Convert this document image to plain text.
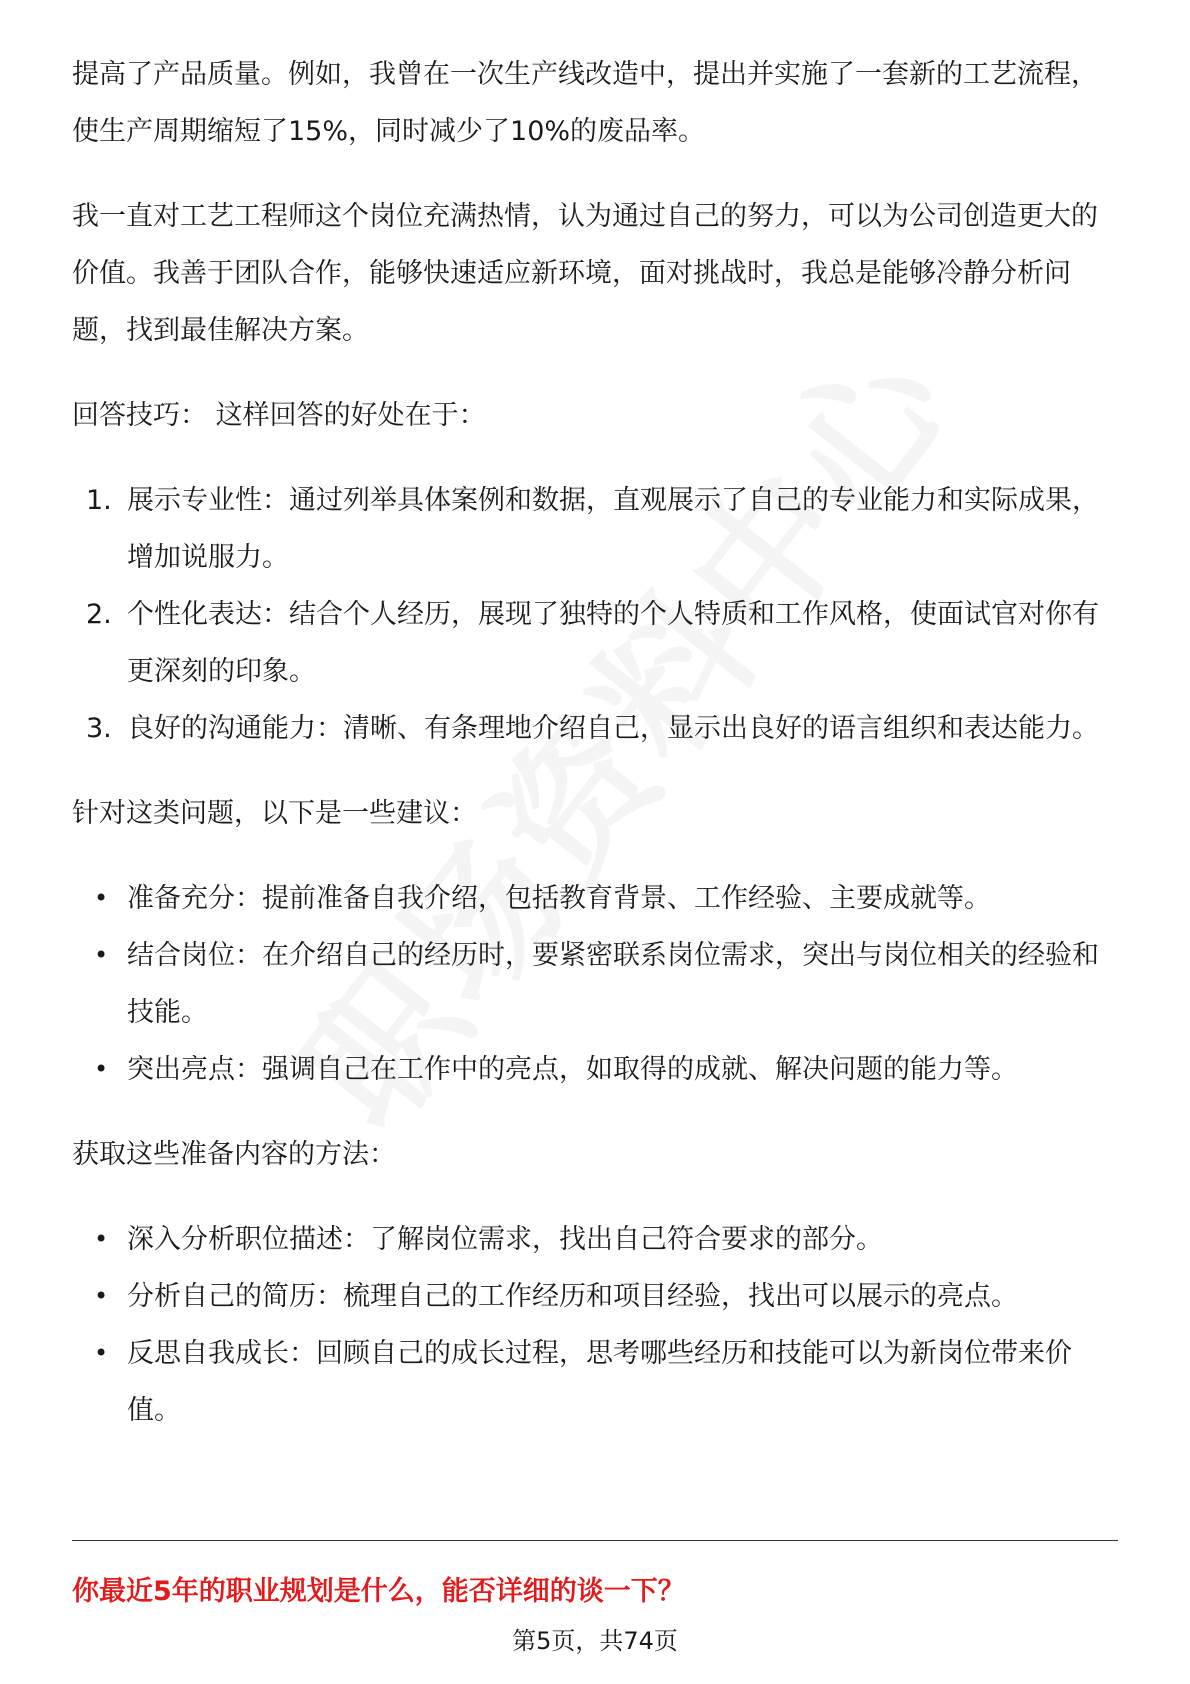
提高了产品质量。例如，我曾在一次生产线改造中，提出并实施了一套新的工艺流程，使生产周期缩短了15%，同时减少了10%的废品率。

我一直对工艺工程师这个岗位充满热情，认为通过自己的努力，可以为公司创造更大的价值。我善于团队合作，能够快速适应新环境，面对挑战时，我总是能够冷静分析问题，找到最佳解决方案。

回答技巧： 这样回答的好处在于：

1. 展示专业性：通过列举具体案例和数据，直观展示了自己的专业能力和实际成果，增加说服力。
2. 个性化表达：结合个人经历，展现了独特的个人特质和工作风格，使面试官对你有更深刻的印象。
3. 良好的沟通能力：清晰、有条理地介绍自己，显示出良好的语言组织和表达能力。

针对这类问题，以下是一些建议：

• 准备充分：提前准备自我介绍，包括教育背景、工作经验、主要成就等。
• 结合岗位：在介绍自己的经历时，要紧密联系岗位需求，突出与岗位相关的经验和技能。
• 突出亮点：强调自己在工作中的亮点，如取得的成就、解决问题的能力等。

获取这些准备内容的方法：

• 深入分析职位描述：了解岗位需求，找出自己符合要求的部分。
• 分析自己的简历：梳理自己的工作经历和项目经验，找出可以展示的亮点。
• 反思自我成长：回顾自己的成长过程，思考哪些经历和技能可以为新岗位带来价值。
你最近5年的职业规划是什么，能否详细的谈一下？
第5页，共74页
